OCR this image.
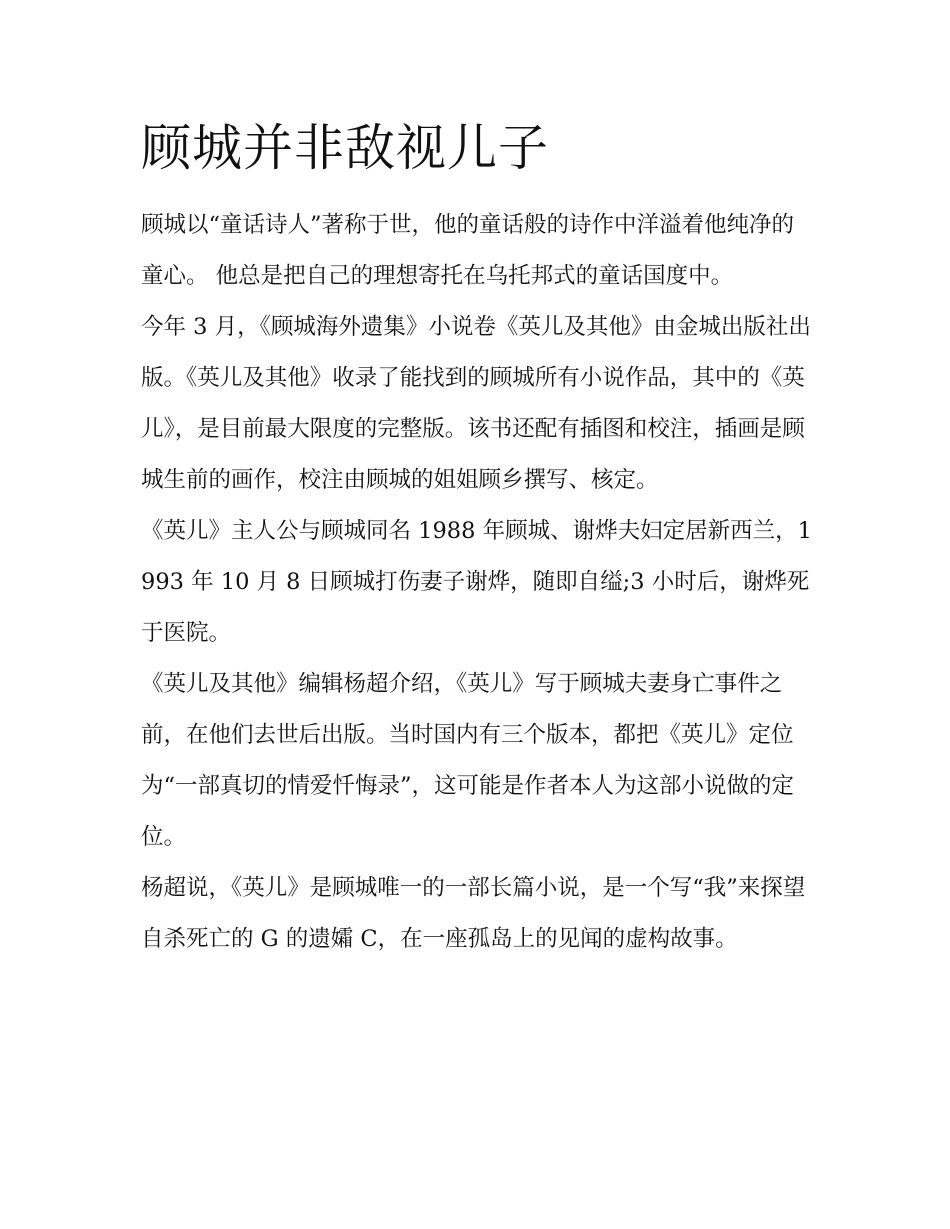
顾城并非敌视儿子

顾城以“童话诗人”著称于世，他的童话般的诗作中洋溢着他纯净的童心。 他总是把自己的理想寄托在乌托邦式的童话国度中。

今年 3 月，《顾城海外遗集》小说卷《英儿及其他》由金城出版社出版。《英儿及其他》收录了能找到的顾城所有小说作品，其中的《英儿》，是目前最大限度的完整版。该书还配有插图和校注，插画是顾城生前的画作，校注由顾城的姐姐顾乡撰写、核定。

《英儿》主人公与顾城同名 1988 年顾城、谢烨夫妇定居新西兰，1993 年 10 月 8 日顾城打伤妻子谢烨，随即自缢;3 小时后，谢烨死于医院。

《英儿及其他》编辑杨超介绍，《英儿》写于顾城夫妻身亡事件之前，在他们去世后出版。当时国内有三个版本，都把《英儿》定位为“一部真切的情爱忏悔录”，这可能是作者本人为这部小说做的定位。

杨超说，《英儿》是顾城唯一的一部长篇小说，是一个写“我”来探望自杀死亡的 G 的遗孀 C，在一座孤岛上的见闻的虚构故事。
